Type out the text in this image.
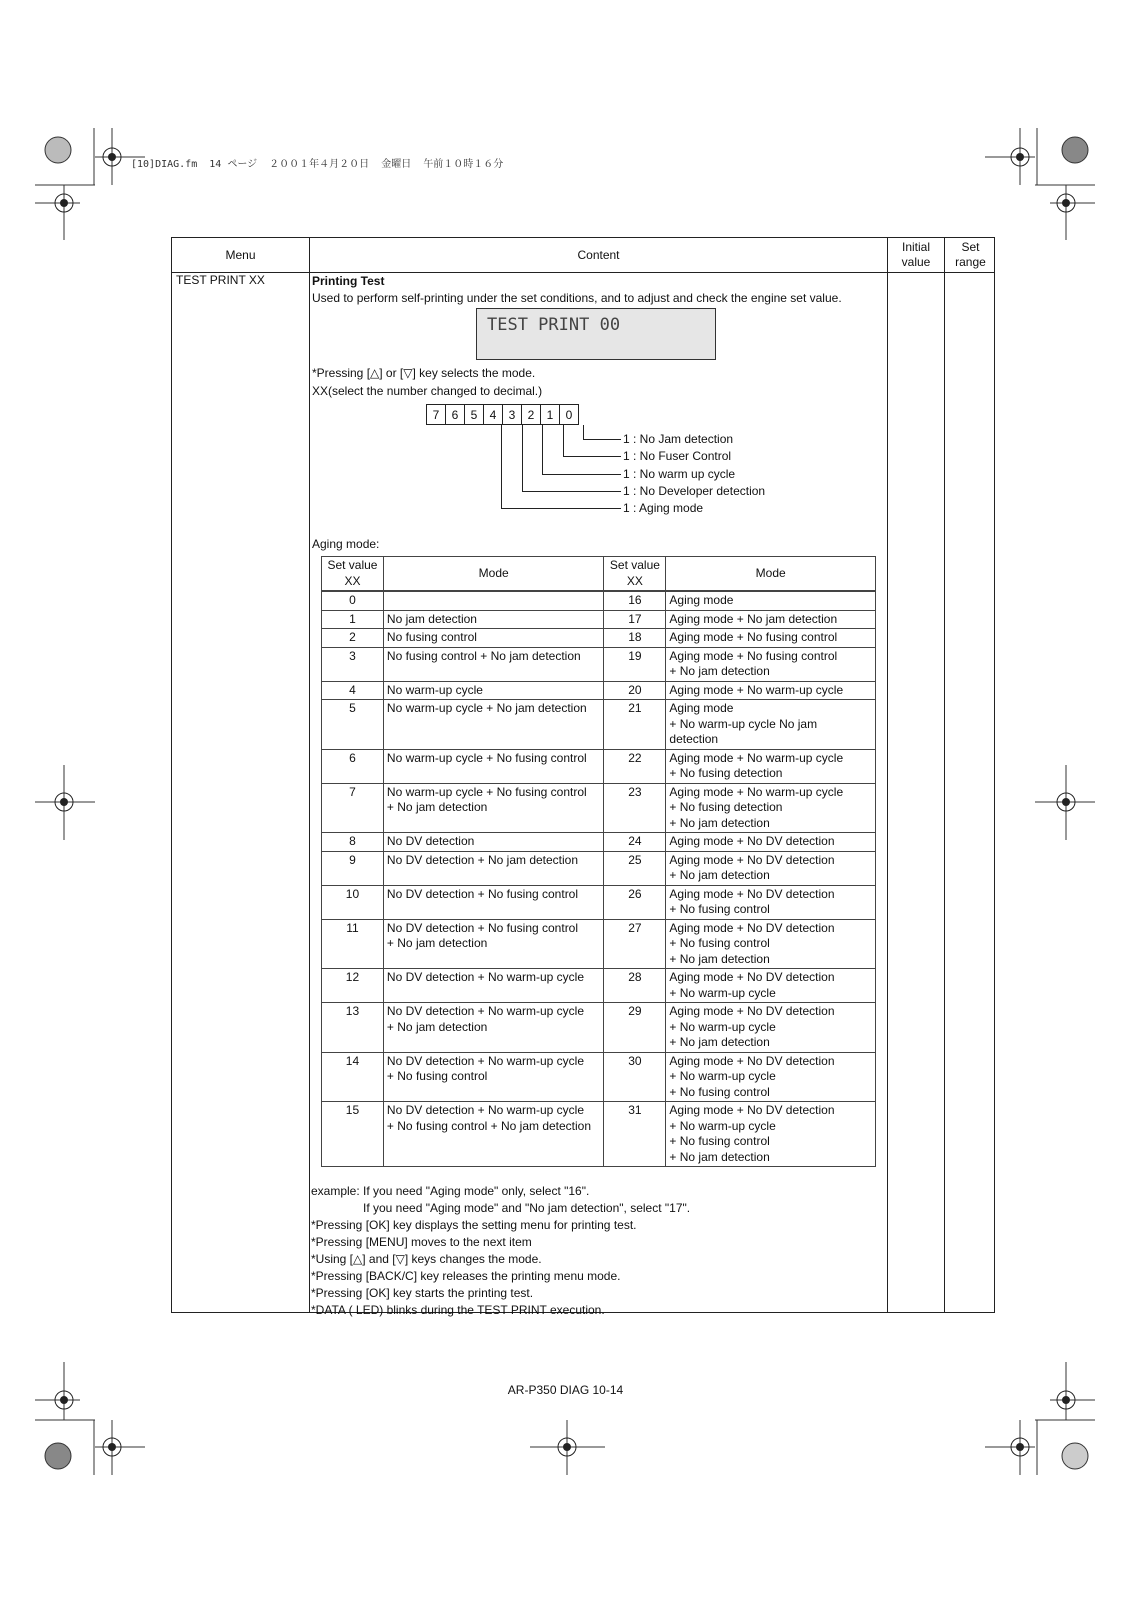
[10]DIAG.fm  14 ページ  ２００１年４月２０日  金曜日  午前１０時１６分
Menu	Content
Initial value
Set range
TEST PRINT XX	Printing Test

Used to perform self-printing under the set conditions, and to adjust and check the engine set value.

TEST PRINT 00
*Pressing [△] or [▽] key selects the mode.
XX(select the number changed to decimal.)
7	6	5	4	3	2	1	0
1 : No Jam detection
1 : No Fuser Control
1 : No warm up cycle
1 : No Developer detection
1 : Aging mode
Aging mode:
Set value XX	Mode	Set value XX	Mode
0		16	Aging mode
1	No jam detection	17	Aging mode + No jam detection
2	No fusing control	18	Aging mode + No fusing control
3	No fusing control + No jam detection	19	Aging mode + No fusing control
+ No jam detection
4	No warm-up cycle	20	Aging mode + No warm-up cycle
5	No warm-up cycle + No jam detection	21	Aging mode
+ No warm-up cycle No jam
detection
6	No warm-up cycle + No fusing control	22	Aging mode + No warm-up cycle
+ No fusing detection
7	No warm-up cycle + No fusing control
+ No jam detection	23	Aging mode + No warm-up cycle
+ No fusing detection
+ No jam detection
8	No DV detection	24	Aging mode + No DV detection
9	No DV detection + No jam detection	25	Aging mode + No DV detection
+ No jam detection
10	No DV detection + No fusing control	26	Aging mode + No DV detection
+ No fusing control
11	No DV detection + No fusing control
+ No jam detection	27	Aging mode + No DV detection
+ No fusing control
+ No jam detection
12	No DV detection + No warm-up cycle	28	Aging mode + No DV detection
+ No warm-up cycle
13	No DV detection + No warm-up cycle
+ No jam detection	29	Aging mode + No DV detection
+ No warm-up cycle
+ No jam detection
14	No DV detection + No warm-up cycle
+ No fusing control	30	Aging mode + No DV detection
+ No warm-up cycle
+ No fusing control
15	No DV detection + No warm-up cycle
+ No fusing control + No jam detection	31	Aging mode + No DV detection
+ No warm-up cycle
+ No fusing control
+ No jam detection

example: If you need "Aging mode" only, select "16".

If you need "Aging mode" and "No jam detection", select "17".

*Pressing [OK] key displays the setting menu for printing test.

*Pressing [MENU] moves to the next item

*Using [△] and [▽] keys changes the mode.

*Pressing [BACK/C] key releases the printing menu mode.

*Pressing [OK] key starts the printing test.

*DATA ( LED) blinks during the TEST PRINT execution.

AR-P350 DIAG 10-14
